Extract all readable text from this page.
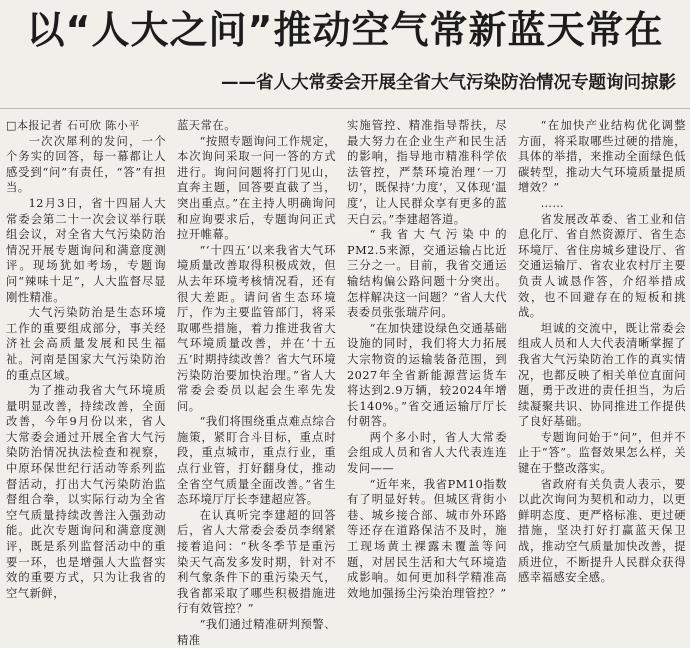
以“人大之问”推动空气常新蓝天常在
——省人大常委会开展全省大气污染防治情况专题询问掠影

□本报记者 石可欣 陈小平

一次次犀利的发问，一个个务实的回答，每一幕都让人感受到“问”有责任，“答”有担当。

12月3日，省十四届人大常委会第二十一次会议举行联组会议，对全省大气污染防治情况开展专题询问和满意度测评。现场犹如考场，专题询问“辣味十足”，人大监督尽显刚性精准。

大气污染防治是生态环境工作的重要组成部分，事关经济社会高质量发展和民生福祉。河南是国家大气污染防治的重点区域。

为了推动我省大气环境质量明显改善，持续改善，全面改善，今年9月份以来，省人大常委会通过开展全省大气污染防治情况执法检查和视察，中原环保世纪行活动等系列监督活动，打出大气污染防治监督组合拳，以实际行动为全省空气质量持续改善注入强劲动能。此次专题询问和满意度测评，既是系列监督活动中的重要一环，也是增强人大监督实效的重要方式，只为让我省的空气新鲜，

蓝天常在。

“按照专题询问工作规定，本次询问采取一问一答的方式进行。询问问题将打门见山，直奔主题，回答要直截了当，突出重点。”在主持人明确询问和应询要求后，专题询问正式拉开帷幕。

“‘十四五’以来我省大气环境质量改善取得积极成效，但从去年环境考核情况看，还有很大差距。请问省生态环境厅，作为主要监管部门，将采取哪些措施，着力推进我省大气环境质量改善，并在‘十五五’时期持续改善？省大气环境污染防治要加快治理。”省人大常委会委员以起会生率先发问。

“我们将围绕重点难点综合施策，紧盯合斗目标，重点时段，重点城市，重点行业，重点行业管，打好翻身仗，推动全省空气质量全面改善。”省生态环境厅厅长李建超应答。

在认真听完李建超的回答后，省人大常委会委员李纲紧接着追问：“秋冬季节是重污染天气高发多发时期，针对不利气象条件下的重污染天气，我省都采取了哪些积极措施进行有效管控？”

“我们通过精准研判预警、精准

实施管控、精准指导帮扶，尽最大努力在企业生产和民生活的影响，指导地市精准科学依法管控，严禁环境治理‘一刀切’，既保持‘力度’，又体现‘温度’，让人民群众享有更多的蓝天白云。”李建超答道。

“我省大气污染中的PM2.5来源，交通运输占比近三分之一。目前，我省交通运输结构偏公路问题十分突出。怎样解决这一问题？”省人大代表委员张张瑞芹问。

“在加快建设绿色交通基础设施的同时，我们将大力拓展大宗物资的运输装备范围，到2027年全省新能源营运货车将达到2.9万辆，较2024年增长140%。”省交通运输厅厅长付朝答。

两个多小时，省人大常委会组成人员和省人大代表连连发问——

“近年来，我省PM10指数有了明显好转。但城区背街小巷、城乡接合部、城市外环路等还存在道路保洁不及时，施工现场黄土裸露未覆盖等问题，对居民生活和大气环境造成影响。如何更加科学精准高效地加强扬尘污染治理管控？”

“在加快产业结构优化调整方面，将采取哪些过硬的措施，具体的举措，来推动全面绿色低碳转型，推动大气环境质量提质增效？”

……

省发展改革委、省工业和信息化厅、省自然资源厅、省生态环境厅、省住房城乡建设厅、省交通运输厅、省农业农村厅主要负责人诚恳作答，介绍举措成效，也不回避存在的短板和挑战。

坦诚的交流中，既让常委会组成人员和人大代表清晰掌握了我省大气污染防治工作的真实情况，也都反映了相关单位直面问题，勇于改进的责任担当，为后续凝聚共识、协同推进工作提供了良好基础。

专题询问始于“问”，但并不止于“答”。监督效果怎么样，关键在于整改落实。

省政府有关负责人表示，要以此次询问为契机和动力，以更鲜明态度、更严格标准、更过硬措施，坚决打好打赢蓝天保卫战，推动空气质量加快改善，提质进位，不断提升人民群众获得感幸福感安全感。
